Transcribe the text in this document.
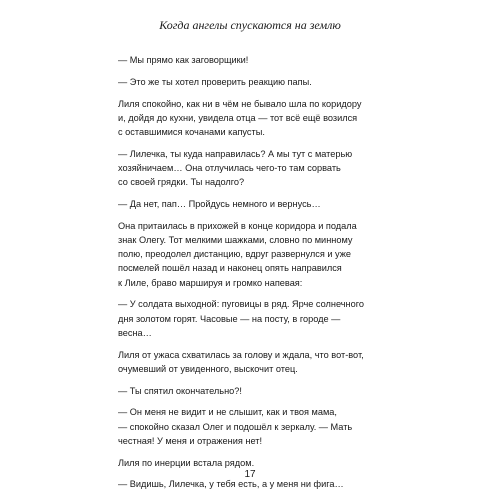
Когда ангелы спускаются на землю

— Мы прямо как заговорщики!

— Это же ты хотел проверить реакцию папы.

Лиля спокойно, как ни в чём не бывало шла по коридору
и, дойдя до кухни, увидела отца — тот всё ещё возился
с оставшимися кочанами капусты.

— Лилечка, ты куда направилась? А мы тут с матерью
хозяйничаем… Она отлучилась чего-то там сорвать
со своей грядки. Ты надолго?

— Да нет, пап… Пройдусь немного и вернусь…

Она притаилась в прихожей в конце коридора и подала
знак Олегу. Тот мелкими шажками, словно по минному
полю, преодолел дистанцию, вдруг развернулся и уже
посмелей пошёл назад и наконец опять направился
к Лиле, браво маршируя и громко напевая:

— У солдата выходной: пуговицы в ряд. Ярче солнечного
дня золотом горят. Часовые — на посту, в городе —
весна…

Лиля от ужаса схватилась за голову и ждала, что вот-вот,
очумевший от увиденного, выскочит отец.

— Ты спятил окончательно?!

— Он меня не видит и не слышит, как и твоя мама,
— спокойно сказал Олег и подошёл к зеркалу. — Мать
честная! У меня и отражения нет!

Лиля по инерции встала рядом.

— Видишь, Лилечка, у тебя есть, а у меня ни фига…

17
